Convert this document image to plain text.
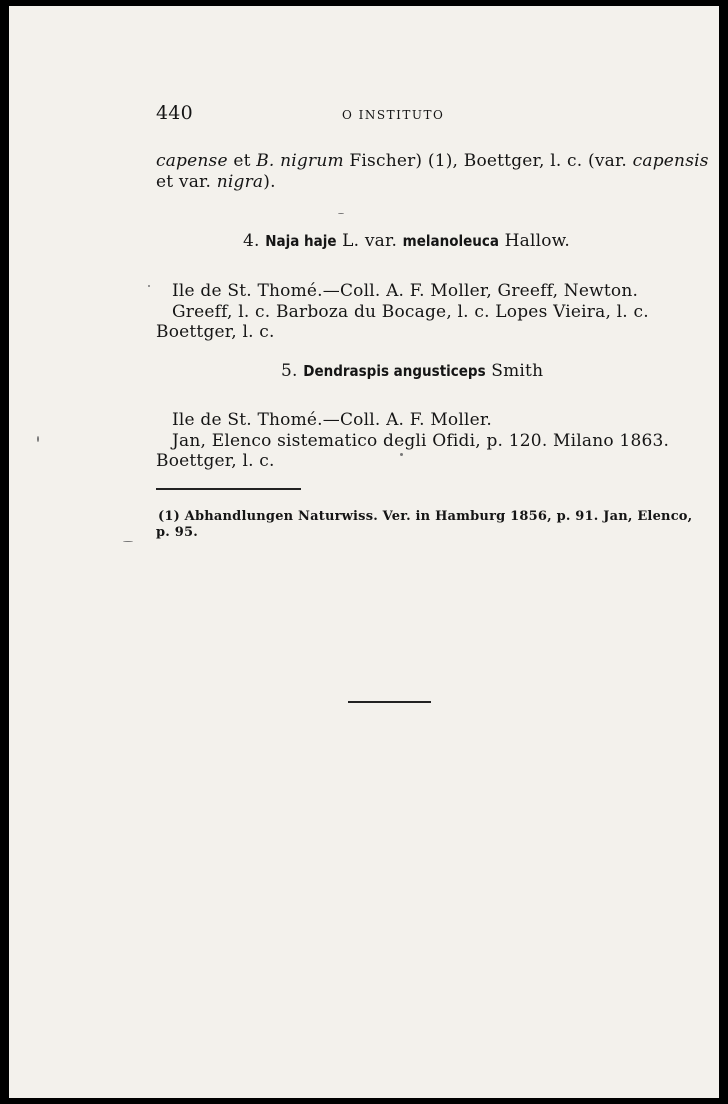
440	O INSTITUTO
capense et B. nigrum Fischer) (1), Boettger, l. c. (var. capensis
et var. nigra).
4. Naja haje L. var. melanoleuca Hallow.
Ile de St. Thomé.—Coll. A. F. Moller, Greeff, Newton.
Greeff, l. c. Barboza du Bocage, l. c. Lopes Vieira, l. c.
Boettger, l. c.
5. Dendraspis angusticeps Smith
Ile de St. Thomé.—Coll. A. F. Moller.
Jan, Elenco sistematico degli Ofidi, p. 120. Milano 1863.
Boettger, l. c.
(1) Abhandlungen Naturwiss. Ver. in Hamburg 1856, p. 91. Jan, Elenco,
p. 95.
